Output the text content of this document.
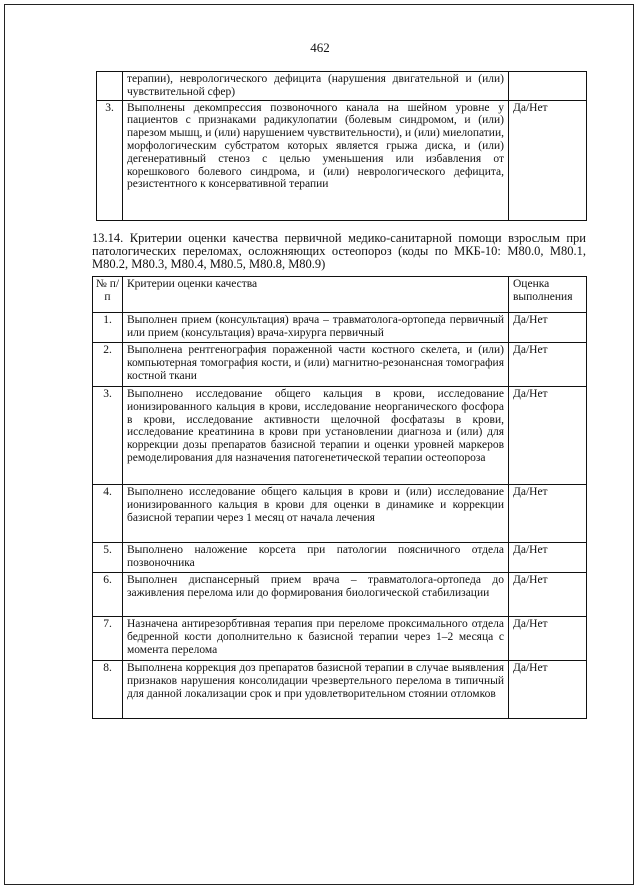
462
	терапии), неврологического дефицита (нарушения двигательной и (или) чувствительной сфер)	
3.	Выполнены декомпрессия позвоночного канала на шейном уровне у пациентов с признаками радикулопатии (болевым синдромом, и (или) парезом мышц, и (или) нарушением чувствительности), и (или) миелопатии, морфологическим субстратом которых является грыжа диска, и (или) дегенеративный стеноз с целью уменьшения или избавления от корешкового болевого синдрома, и (или) неврологического дефицита, резистентного к консервативной терапии	Да/Нет
13.14. Критерии оценки качества первичной медико-санитарной помощи взрослым при патологических переломах, осложняющих остеопороз (коды по МКБ-10: M80.0, M80.1, M80.2, M80.3, M80.4, M80.5, M80.8, M80.9)
№ п/п	Критерии оценки качества	Оценка выполнения
1.	Выполнен прием (консультация) врача – травматолога-ортопеда первичный или прием (консультация) врача-хирурга первичный	Да/Нет
2.	Выполнена рентгенография пораженной части костного скелета, и (или) компьютерная томография кости, и (или) магнитно-резонансная томография костной ткани	Да/Нет
3.	Выполнено исследование общего кальция в крови, исследование ионизированного кальция в крови, исследование неорганического фосфора в крови, исследование активности щелочной фосфатазы в крови, исследование креатинина в крови при установлении диагноза и (или) для коррекции дозы препаратов базисной терапии и оценки уровней маркеров ремоделирования для назначения патогенетической терапии остеопороза	Да/Нет
4.	Выполнено исследование общего кальция в крови и (или) исследование ионизированного кальция в крови для оценки в динамике и коррекции базисной терапии через 1 месяц от начала лечения	Да/Нет
5.	Выполнено наложение корсета при патологии поясничного отдела позвоночника	Да/Нет
6.	Выполнен диспансерный прием врача – травматолога-ортопеда до заживления перелома или до формирования биологической стабилизации	Да/Нет
7.	Назначена антирезорбтивная терапия при переломе проксимального отдела бедренной кости дополнительно к базисной терапии через 1–2 месяца с момента перелома	Да/Нет
8.	Выполнена коррекция доз препаратов базисной терапии в случае выявления признаков нарушения консолидации чрезвертельного перелома в типичный для данной локализации срок и при удовлетворительном стоянии отломков	Да/Нет
